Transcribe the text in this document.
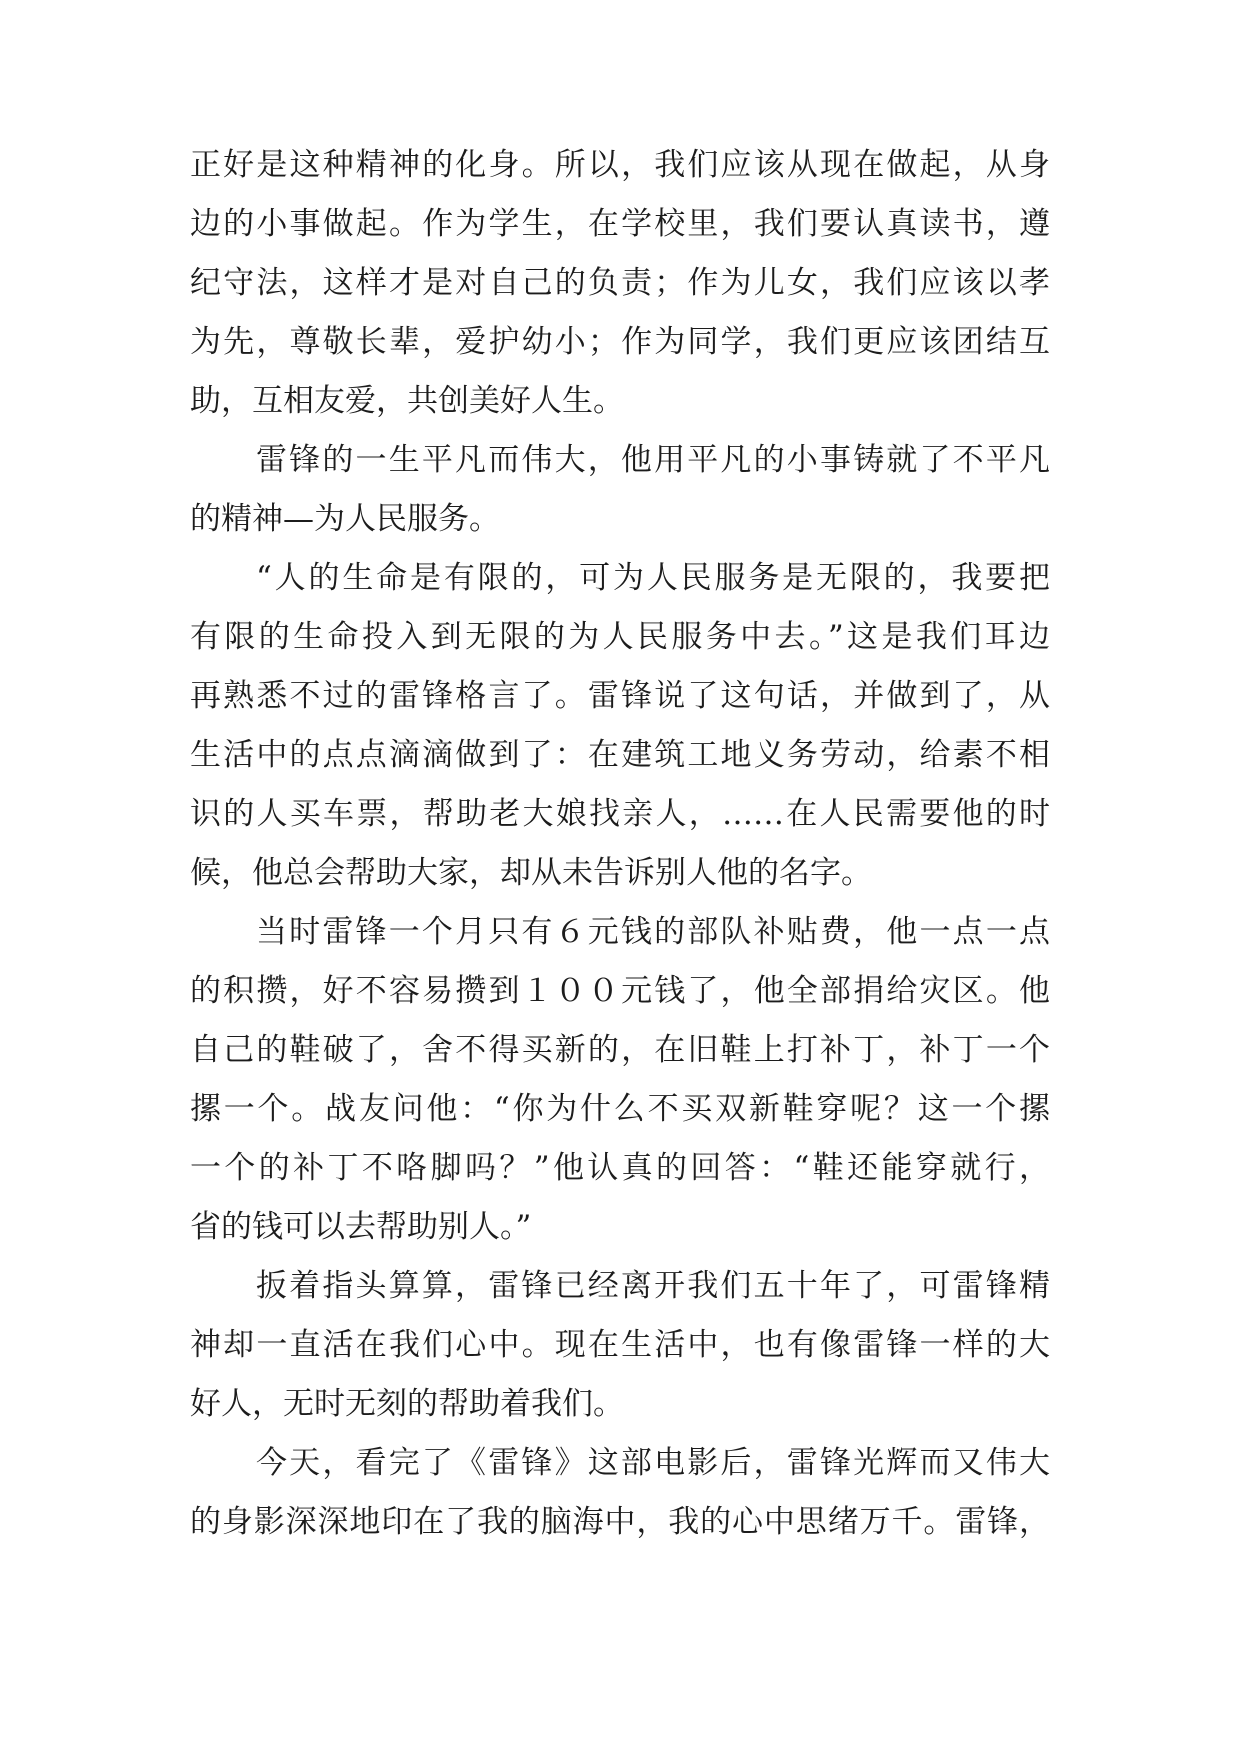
正好是这种精神的化身。所以，我们应该从现在做起，从身
边的小事做起。作为学生，在学校里，我们要认真读书，遵
纪守法，这样才是对自己的负责；作为儿女，我们应该以孝
为先，尊敬长辈，爱护幼小；作为同学，我们更应该团结互
助，互相友爱，共创美好人生。
雷锋的一生平凡而伟大，他用平凡的小事铸就了不平凡
的精神—为人民服务。
“人的生命是有限的，可为人民服务是无限的，我要把
有限的生命投入到无限的为人民服务中去。”这是我们耳边
再熟悉不过的雷锋格言了。雷锋说了这句话，并做到了，从
生活中的点点滴滴做到了：在建筑工地义务劳动，给素不相
识的人买车票，帮助老大娘找亲人，……在人民需要他的时
候，他总会帮助大家，却从未告诉别人他的名字。
当时雷锋一个月只有６元钱的部队补贴费，他一点一点
的积攒，好不容易攒到１００元钱了，他全部捐给灾区。他
自己的鞋破了，舍不得买新的，在旧鞋上打补丁，补丁一个
摞一个。战友问他：“你为什么不买双新鞋穿呢？这一个摞
一个的补丁不咯脚吗？”他认真的回答：“鞋还能穿就行，
省的钱可以去帮助别人。”
扳着指头算算，雷锋已经离开我们五十年了，可雷锋精
神却一直活在我们心中。现在生活中，也有像雷锋一样的大
好人，无时无刻的帮助着我们。
今天，看完了《雷锋》这部电影后，雷锋光辉而又伟大
的身影深深地印在了我的脑海中，我的心中思绪万千。雷锋，
